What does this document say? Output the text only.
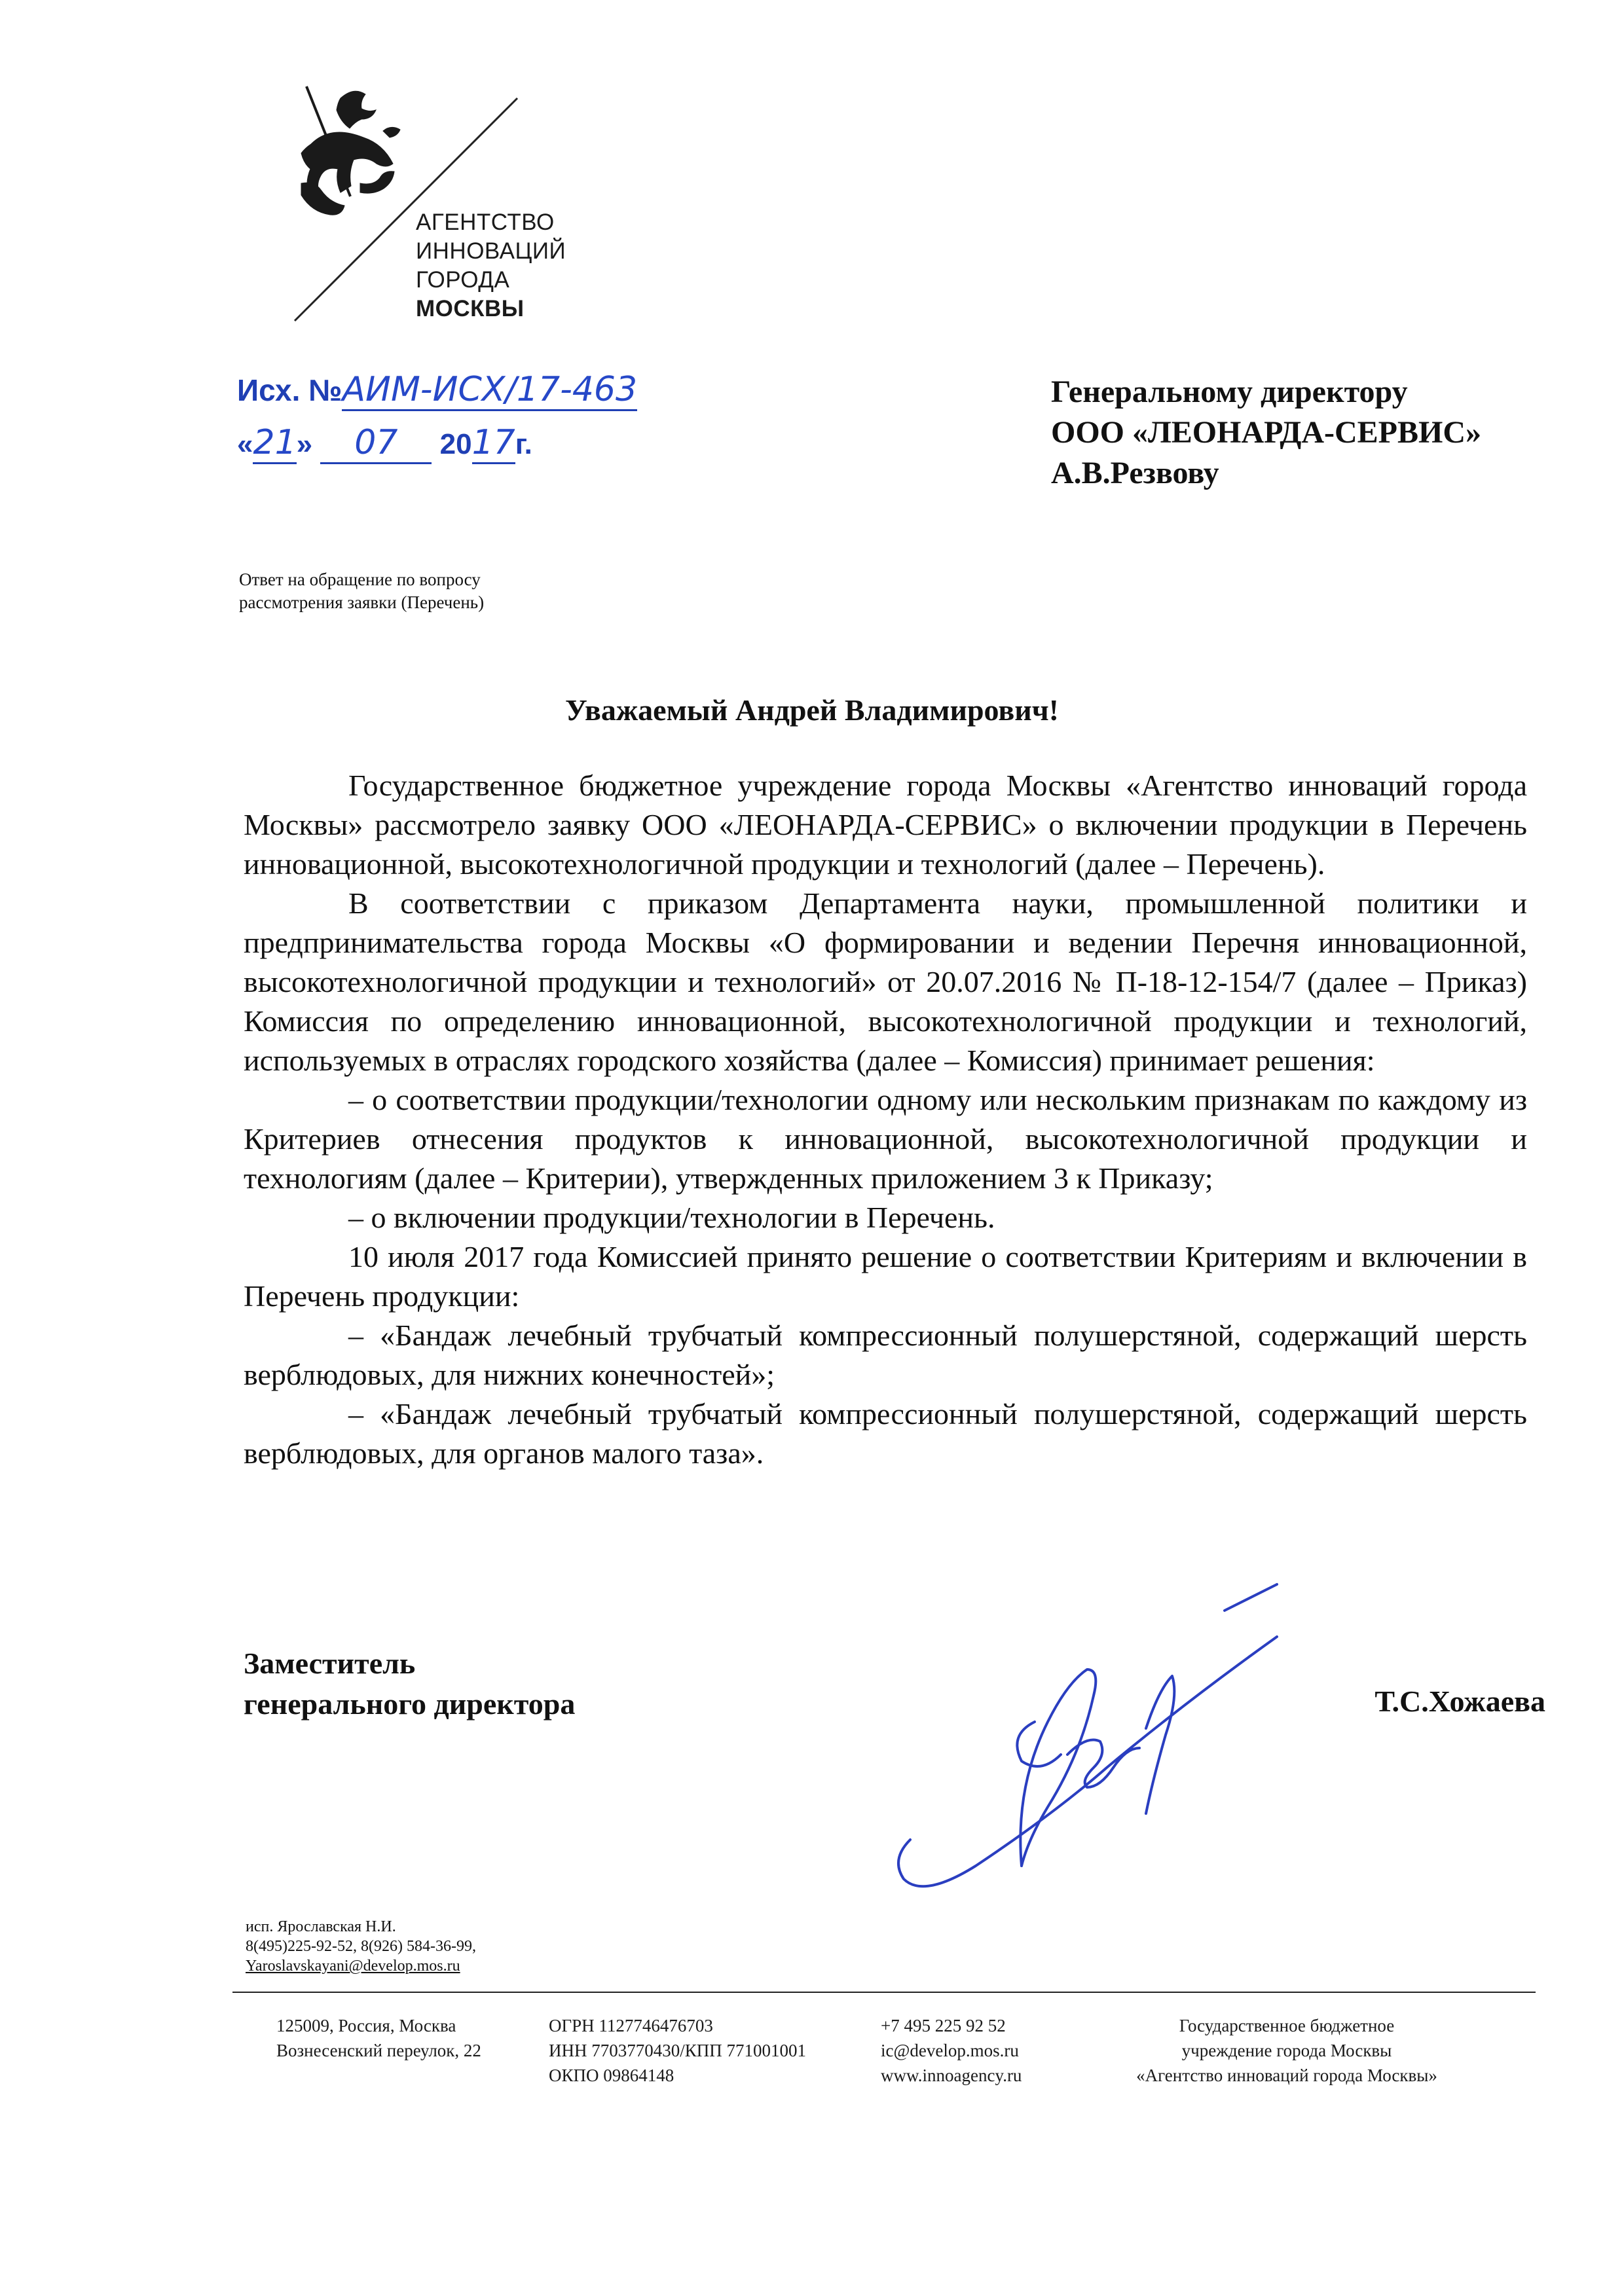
АГЕНТСТВО
ИННОВАЦИЙ
ГОРОДА
МОСКВЫ
Исх. №АИМ-ИСХ/17-463
«21» 07 2017г.
Генеральному директору
ООО «ЛЕОНАРДА-СЕРВИС»
А.В.Резвову
Ответ на обращение по вопросу
рассмотрения заявки (Перечень)
Уважаемый Андрей Владимирович!

Государственное бюджетное учреждение города Москвы «Агентство инноваций города Москвы» рассмотрело заявку ООО «ЛЕОНАРДА-СЕРВИС» о включении продукции в Перечень инновационной, высокотехнологичной продукции и технологий (далее – Перечень).

В соответствии с приказом Департамента науки, промышленной политики и предпринимательства города Москвы «О формировании и ведении Перечня инновационной, высокотехнологичной продукции и технологий» от 20.07.2016 № П-18-12-154/7 (далее – Приказ) Комиссия по определению инновационной, высокотехнологичной продукции и технологий, используемых в отраслях городского хозяйства (далее – Комиссия) принимает решения:

– о соответствии продукции/технологии одному или нескольким признакам по каждому из Критериев отнесения продуктов к инновационной, высокотехнологичной продукции и технологиям (далее – Критерии), утвержденных приложением 3 к Приказу;

– о включении продукции/технологии в Перечень.

10 июля 2017 года Комиссией принято решение о соответствии Критериям и включении в Перечень продукции:

– «Бандаж лечебный трубчатый компрессионный полушерстяной, содержащий шерсть верблюдовых, для нижних конечностей»;

– «Бандаж лечебный трубчатый компрессионный полушерстяной, содержащий шерсть верблюдовых, для органов малого таза».

Заместитель
генерального директора	Т.С.Хожаева
исп. Ярославская Н.И.
8(495)225-92-52, 8(926) 584-36-99,
Yaroslavskayani@develop.mos.ru
125009, Россия, Москва
Вознесенский переулок, 22
ОГРН 1127746476703
ИНН 7703770430/КПП 771001001
ОКПО 09864148
+7 495 225 92 52
ic@develop.mos.ru
www.innoagency.ru
Государственное бюджетное
учреждение города Москвы
«Агентство инноваций города Москвы»
